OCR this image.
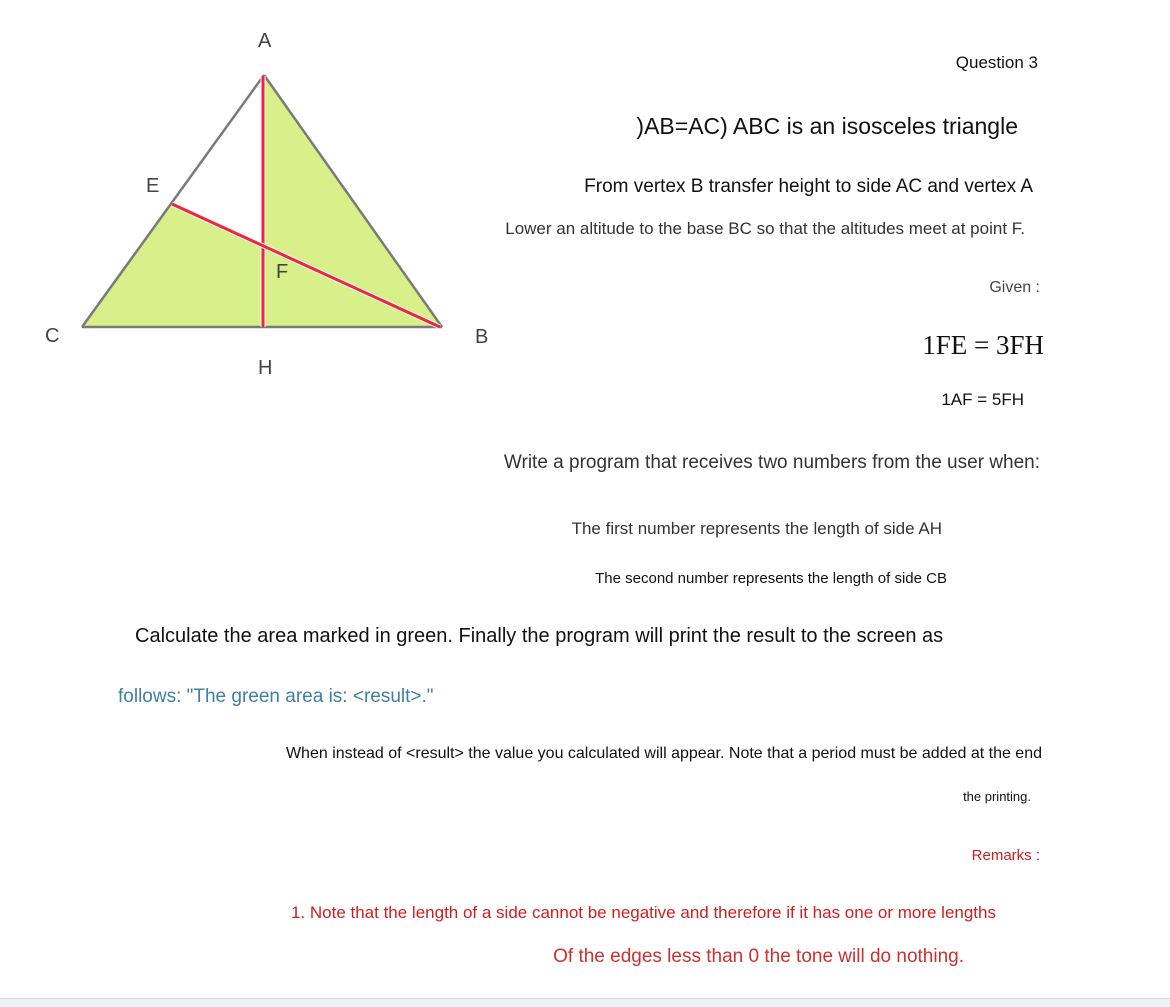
A
E
F
C	B
H

Question 3

)AB=AC) ABC is an isosceles triangle

From vertex B transfer height to side AC and vertex A

Lower an altitude to the base BC so that the altitudes meet at point F.

Given :

1FE = 3FH

1AF = 5FH

Write a program that receives two numbers from the user when:

The first number represents the length of side AH

The second number represents the length of side CB

Calculate the area marked in green. Finally the program will print the result to the screen as

follows: "The green area is: <result>."

When instead of <result> the value you calculated will appear. Note that a period must be added at the end

the printing.

Remarks :

1. Note that the length of a side cannot be negative and therefore if it has one or more lengths

Of the edges less than 0 the tone will do nothing.
